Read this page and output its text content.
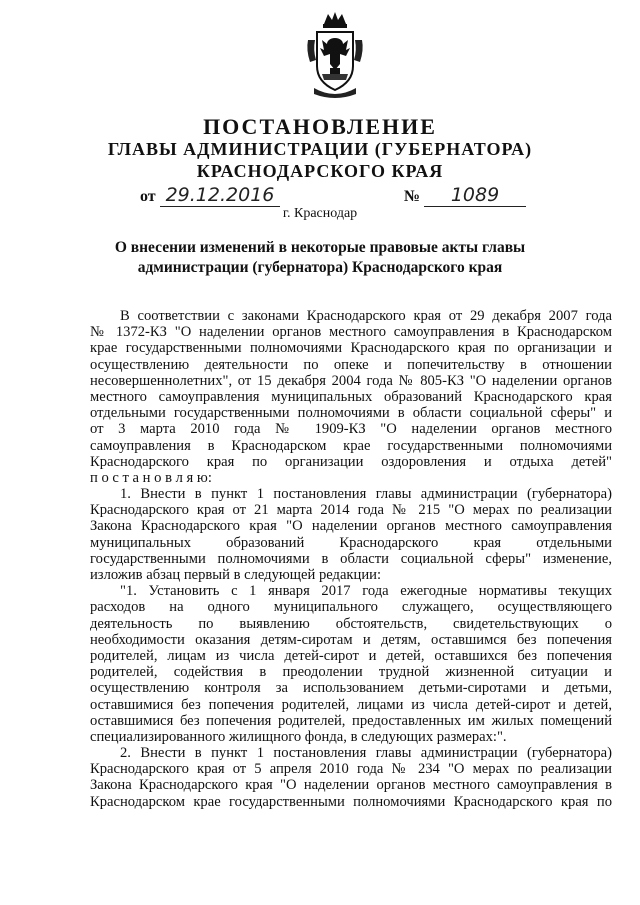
ПОСТАНОВЛЕНИЕ
ГЛАВЫ АДМИНИСТРАЦИИ (ГУБЕРНАТОРА)
КРАСНОДАРСКОГО КРАЯ
от 29.12.2016	№	1089
г. Краснодар
О внесении изменений в некоторые правовые акты главы
администрации (губернатора) Краснодарского края
В соответствии с законами Краснодарского края от 29 декабря 2007 года
№ 1372-КЗ "О наделении органов местного самоуправления в Краснодарском
крае государственными полномочиями Краснодарского края по организации и
осуществлению деятельности по опеке и попечительству в отношении
несовершеннолетних", от 15 декабря 2004 года № 805-КЗ "О наделении органов
местного самоуправления муниципальных образований Краснодарского края
отдельными государственными полномочиями в области социальной сферы" и
от 3 марта 2010 года № 1909-КЗ "О наделении органов местного
самоуправления в Краснодарском крае государственными полномочиями
Краснодарского края по организации оздоровления и отдыха детей"
п о с т а н о в л я ю:
1. Внести в пункт 1 постановления главы администрации (губернатора)
Краснодарского края от 21 марта 2014 года № 215 "О мерах по реализации
Закона Краснодарского края "О наделении органов местного самоуправления
муниципальных образований Краснодарского края отдельными
государственными полномочиями в области социальной сферы" изменение,
изложив абзац первый в следующей редакции:
"1. Установить с 1 января 2017 года ежегодные нормативы текущих
расходов на одного муниципального служащего, осуществляющего
деятельность по выявлению обстоятельств, свидетельствующих о
необходимости оказания детям-сиротам и детям, оставшимся без попечения
родителей, лицам из числа детей-сирот и детей, оставшихся без попечения
родителей, содействия в преодолении трудной жизненной ситуации и
осуществлению контроля за использованием детьми-сиротами и детьми,
оставшимися без попечения родителей, лицами из числа детей-сирот и детей,
оставшимися без попечения родителей, предоставленных им жилых помещений
специализированного жилищного фонда, в следующих размерах:".
2. Внести в пункт 1 постановления главы администрации (губернатора)
Краснодарского края от 5 апреля 2010 года № 234 "О мерах по реализации
Закона Краснодарского края "О наделении органов местного самоуправления в
Краснодарском крае государственными полномочиями Краснодарского края по
